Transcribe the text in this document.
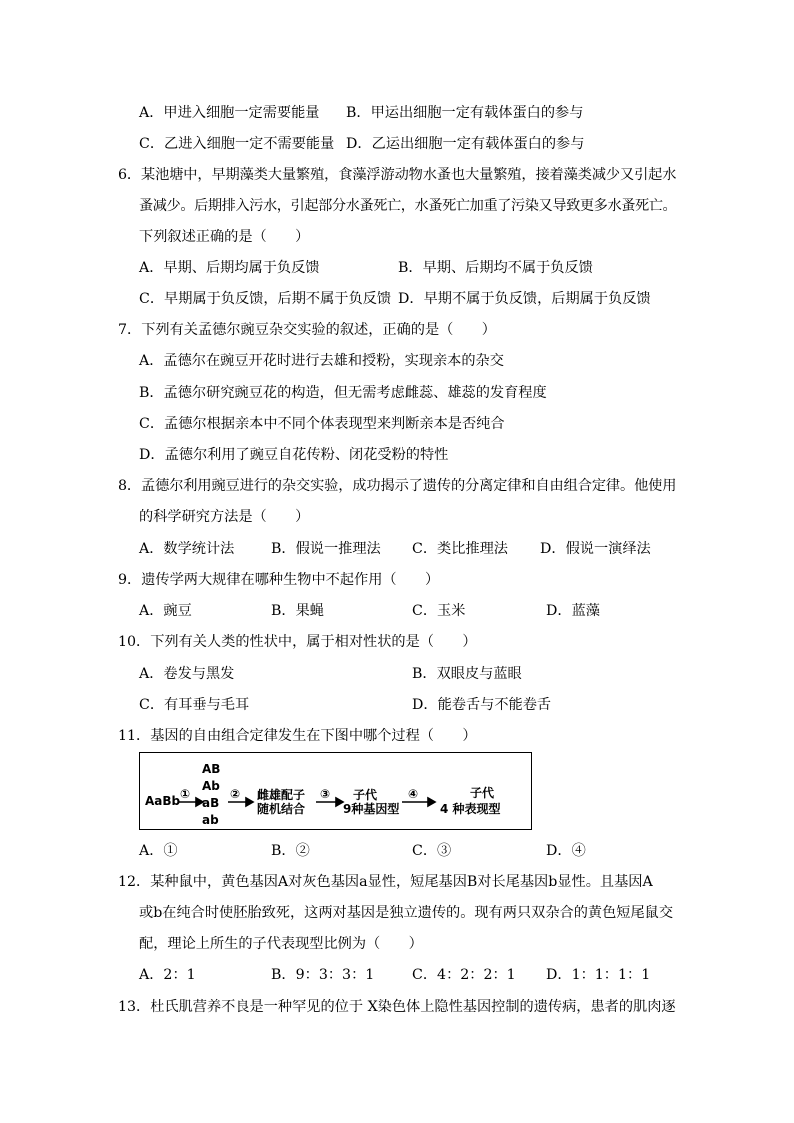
A．甲进入细胞一定需要能量 B．甲运出细胞一定有载体蛋白的参与
C．乙进入细胞一定不需要能量 D．乙运出细胞一定有载体蛋白的参与
6．某池塘中，早期藻类大量繁殖，食藻浮游动物水蚤也大量繁殖，接着藻类减少又引起水
蚤减少。后期排入污水，引起部分水蚤死亡，水蚤死亡加重了污染又导致更多水蚤死亡。
下列叙述正确的是（　　）
A．早期、后期均属于负反馈	B．早期、后期均不属于负反馈
C．早期属于负反馈，后期不属于负反馈 D．早期不属于负反馈，后期属于负反馈
7．下列有关孟德尔豌豆杂交实验的叙述，正确的是（　　）
A．孟德尔在豌豆开花时进行去雄和授粉，实现亲本的杂交
B．孟德尔研究豌豆花的构造，但无需考虑雌蕊、雄蕊的发育程度
C．孟德尔根据亲本中不同个体表现型来判断亲本是否纯合
D．孟德尔利用了豌豆自花传粉、闭花受粉的特性
8．孟德尔利用豌豆进行的杂交实验，成功揭示了遗传的分离定律和自由组合定律。他使用
的科学研究方法是（　　）
A．数学统计法	B．假说一推理法 C．类比推理法 D．假说一演绎法
9．遗传学两大规律在哪种生物中不起作用（　　）
A．豌豆	B．果蝇	C．玉米	D．蓝藻
10．下列有关人类的性状中，属于相对性状的是（　　）
A．卷发与黑发	B．双眼皮与蓝眼
C．有耳垂与毛耳	D．能卷舌与不能卷舌
11．基因的自由组合定律发生在下图中哪个过程（　　）
AaBb ①
AB
Ab
aB
ab
② 雌雄配子
随机结合
③ 子代
9种基因型
④	子代
4 种表现型
A．①	B．②	C．③	D．④
12．某种鼠中，黄色基因A对灰色基因a显性，短尾基因B对长尾基因b显性。且基因A
或b在纯合时使胚胎致死，这两对基因是独立遗传的。现有两只双杂合的黄色短尾鼠交
配，理论上所生的子代表现型比例为（　　）
A．2：1	B．9：3：3：1	C．4：2：2：1 D．1：1：1：1
13．杜氏肌营养不良是一种罕见的位于 X染色体上隐性基因控制的遗传病，患者的肌肉逐
